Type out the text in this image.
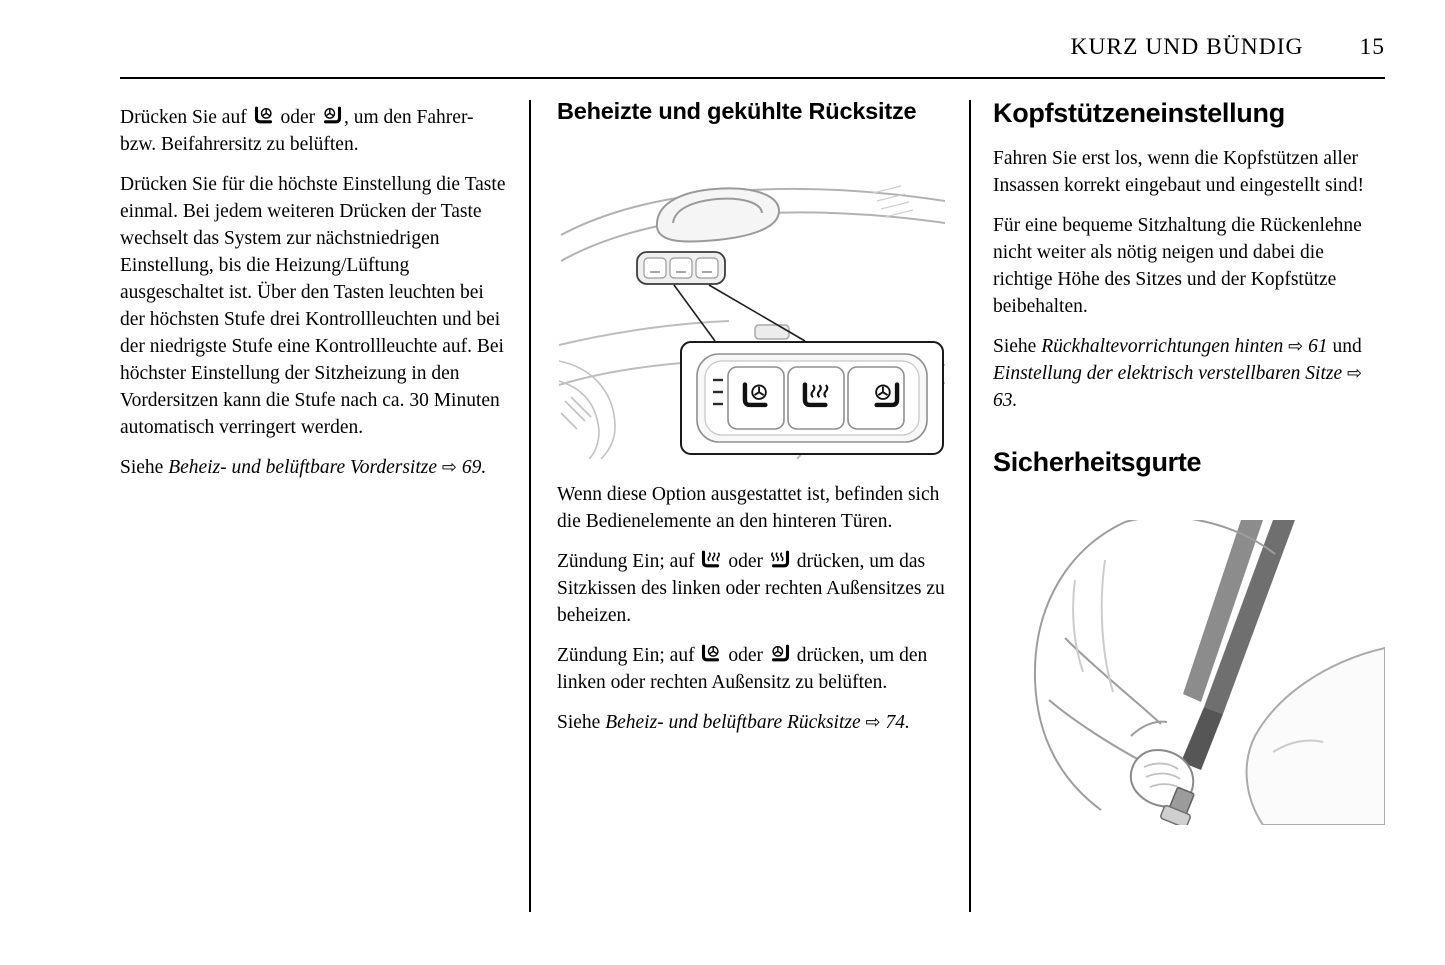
KURZ UND BÜNDIG 15

Drücken Sie auf oder , um den Fahrer- bzw. Beifahrersitz zu belüften.

Drücken Sie für die höchste Einstellung die Taste einmal. Bei jedem weiteren Drücken der Taste wechselt das System zur nächstniedrigen Einstellung, bis die Heizung/Lüftung ausgeschaltet ist. Über den Tasten leuchten bei der höchsten Stufe drei Kontrollleuchten und bei der niedrigste Stufe eine Kontrollleuchte auf. Bei höchster Einstellung der Sitzheizung in den Vordersitzen kann die Stufe nach ca. 30 Minuten automatisch verringert werden.

Siehe Beheiz- und belüftbare Vordersitze ⇨ 69.

Beheizte und gekühlte Rücksitze

Wenn diese Option ausgestattet ist, befinden sich die Bedienelemente an den hinteren Türen.

Zündung Ein; auf oder drücken, um das Sitzkissen des linken oder rechten Außensitzes zu beheizen.

Zündung Ein; auf oder drücken, um den linken oder rechten Außensitz zu belüften.

Siehe Beheiz- und belüftbare Rücksitze ⇨ 74.

Kopfstützeneinstellung

Fahren Sie erst los, wenn die Kopfstützen aller Insassen korrekt eingebaut und eingestellt sind!

Für eine bequeme Sitzhaltung die Rückenlehne nicht weiter als nötig neigen und dabei die richtige Höhe des Sitzes und der Kopfstütze beibehalten.

Siehe Rückhaltevorrichtungen hinten ⇨ 61 und Einstellung der elektrisch verstellbaren Sitze ⇨ 63.

Sicherheitsgurte
